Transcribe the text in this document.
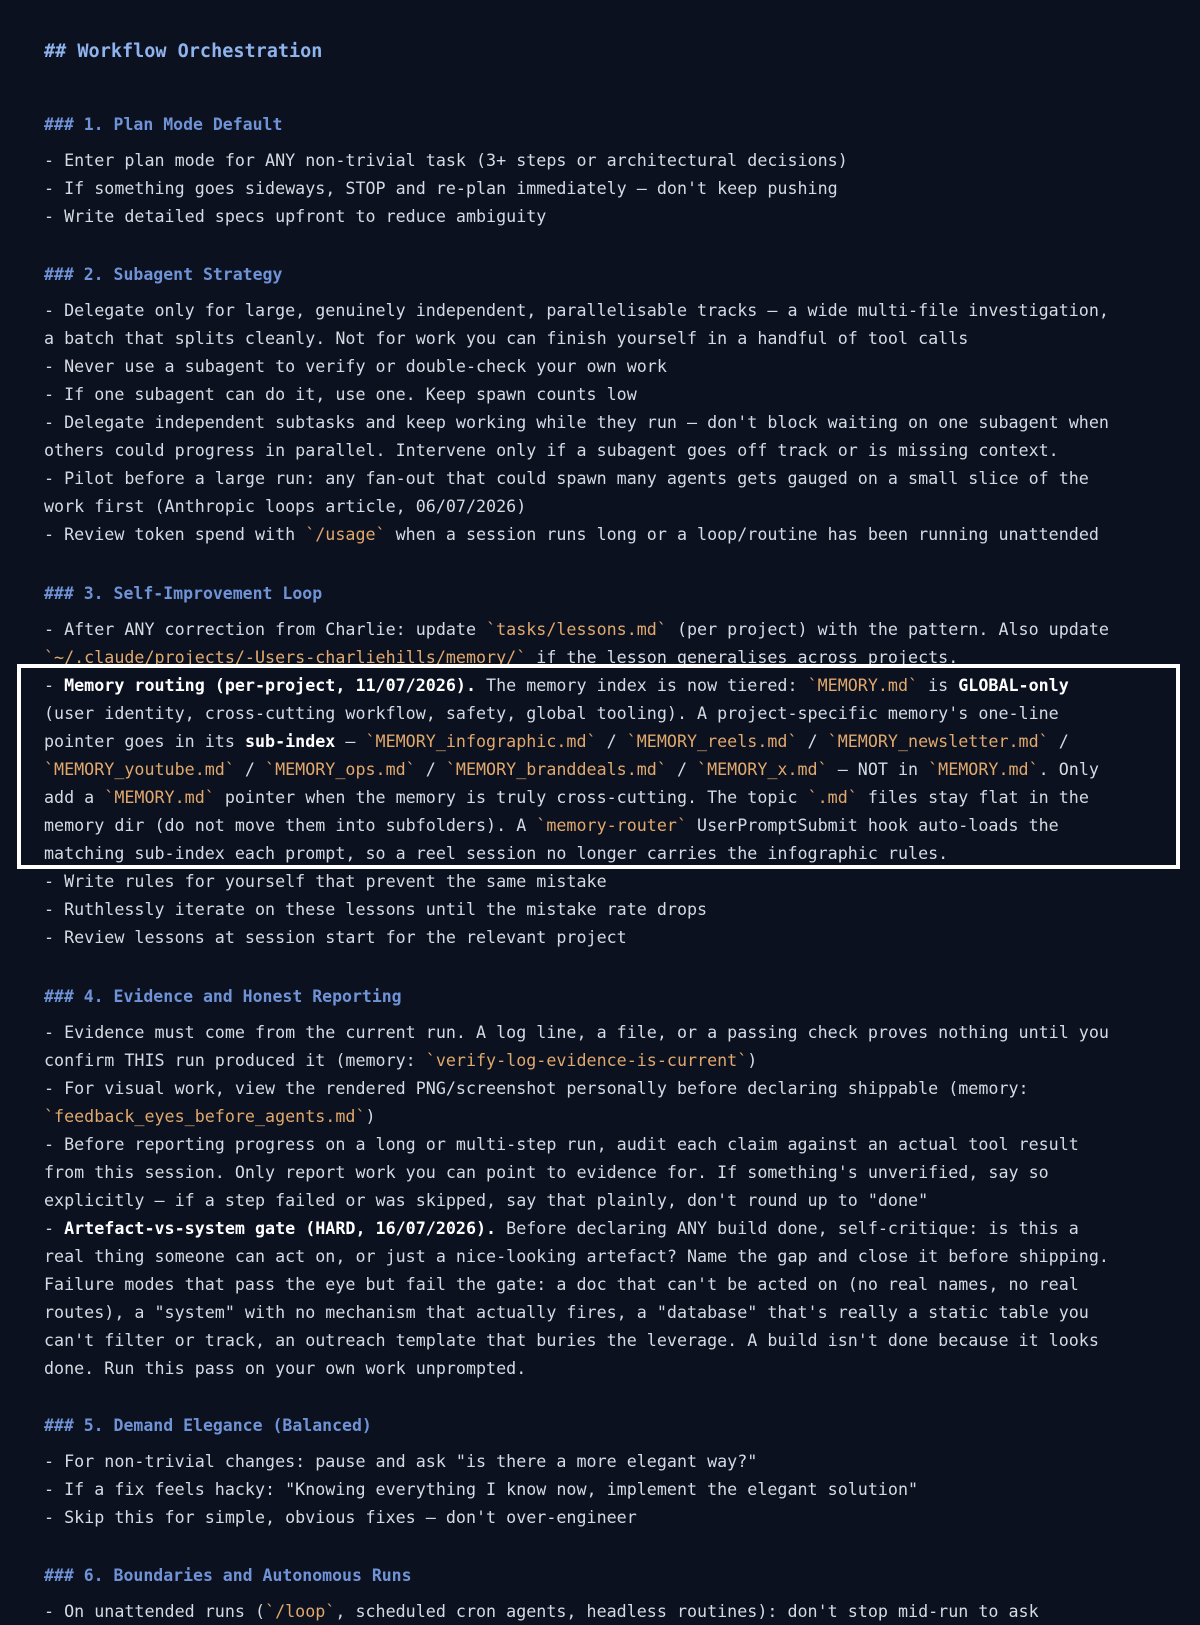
## Workflow Orchestration
### 1. Plan Mode Default
- Enter plan mode for ANY non-trivial task (3+ steps or architectural decisions)
- If something goes sideways, STOP and re-plan immediately – don't keep pushing
- Write detailed specs upfront to reduce ambiguity
### 2. Subagent Strategy
- Delegate only for large, genuinely independent, parallelisable tracks – a wide multi-file investigation,
a batch that splits cleanly. Not for work you can finish yourself in a handful of tool calls
- Never use a subagent to verify or double-check your own work
- If one subagent can do it, use one. Keep spawn counts low
- Delegate independent subtasks and keep working while they run – don't block waiting on one subagent when
others could progress in parallel. Intervene only if a subagent goes off track or is missing context.
- Pilot before a large run: any fan-out that could spawn many agents gets gauged on a small slice of the
work first (Anthropic loops article, 06/07/2026)
- Review token spend with `/usage` when a session runs long or a loop/routine has been running unattended
### 3. Self-Improvement Loop
- After ANY correction from Charlie: update `tasks/lessons.md` (per project) with the pattern. Also update
`~/.claude/projects/-Users-charliehills/memory/` if the lesson generalises across projects.
- Memory routing (per-project, 11/07/2026). The memory index is now tiered: `MEMORY.md` is GLOBAL-only
(user identity, cross-cutting workflow, safety, global tooling). A project-specific memory's one-line
pointer goes in its sub-index – `MEMORY_infographic.md` / `MEMORY_reels.md` / `MEMORY_newsletter.md` /
`MEMORY_youtube.md` / `MEMORY_ops.md` / `MEMORY_branddeals.md` / `MEMORY_x.md` – NOT in `MEMORY.md`. Only
add a `MEMORY.md` pointer when the memory is truly cross-cutting. The topic `.md` files stay flat in the
memory dir (do not move them into subfolders). A `memory-router` UserPromptSubmit hook auto-loads the
matching sub-index each prompt, so a reel session no longer carries the infographic rules.
- Write rules for yourself that prevent the same mistake
- Ruthlessly iterate on these lessons until the mistake rate drops
- Review lessons at session start for the relevant project
### 4. Evidence and Honest Reporting
- Evidence must come from the current run. A log line, a file, or a passing check proves nothing until you
confirm THIS run produced it (memory: `verify-log-evidence-is-current`)
- For visual work, view the rendered PNG/screenshot personally before declaring shippable (memory:
`feedback_eyes_before_agents.md`)
- Before reporting progress on a long or multi-step run, audit each claim against an actual tool result
from this session. Only report work you can point to evidence for. If something's unverified, say so
explicitly – if a step failed or was skipped, say that plainly, don't round up to "done"
- Artefact-vs-system gate (HARD, 16/07/2026). Before declaring ANY build done, self-critique: is this a
real thing someone can act on, or just a nice-looking artefact? Name the gap and close it before shipping.
Failure modes that pass the eye but fail the gate: a doc that can't be acted on (no real names, no real
routes), a "system" with no mechanism that actually fires, a "database" that's really a static table you
can't filter or track, an outreach template that buries the leverage. A build isn't done because it looks
done. Run this pass on your own work unprompted.
### 5. Demand Elegance (Balanced)
- For non-trivial changes: pause and ask "is there a more elegant way?"
- If a fix feels hacky: "Knowing everything I know now, implement the elegant solution"
- Skip this for simple, obvious fixes – don't over-engineer
### 6. Boundaries and Autonomous Runs
- On unattended runs (`/loop`, scheduled cron agents, headless routines): don't stop mid-run to ask
